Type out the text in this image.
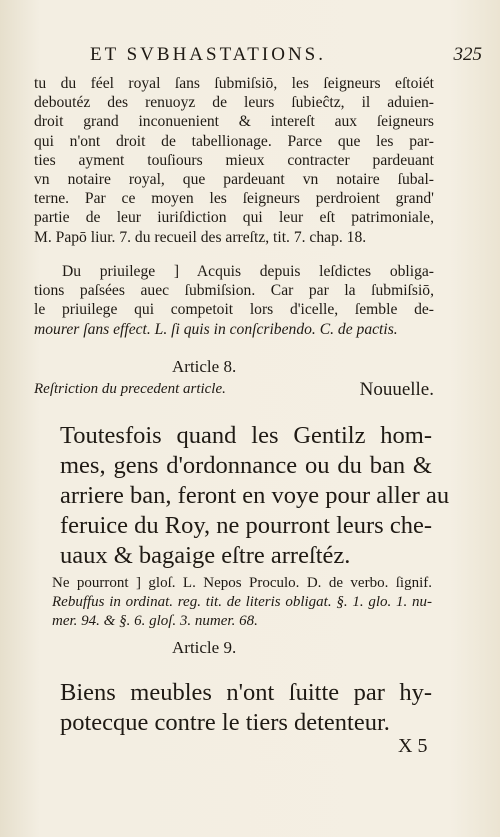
ET SVBHASTATIONS.	325
tu du féel royal ſans ſubmiſsiō, les ſeigneurs eſtoiét
deboutéz des renuoyz de leurs ſubieĉtz, il aduien-
droit grand inconuenient & intereſt aux ſeigneurs
qui n'ont droit de tabellionage. Parce que les par-
ties ayment touſiours mieux contracter pardeuant
vn notaire royal, que pardeuant vn notaire ſubal-
terne. Par ce moyen les ſeigneurs perdroient grand'
partie de leur iuriſdiction qui leur eſt patrimoniale,
M. Papō liur. 7. du recueil des arreſtz, tit. 7. chap. 18.
Du priuilege ] Acquis depuis leſdictes obliga-
tions paſsées auec ſubmiſsion. Car par la ſubmiſsiō,
le priuilege qui competoit lors d'icelle, ſemble de-
mourer ſans effect. L. ſi quis in conſcribendo. C. de pactis.
Article 8.
Reſtriction du precedent article.	Nouuelle.
Toutesfois quand les Gentilz hom-
mes, gens d'ordonnance ou du ban &
arriere ban, feront en voye pour aller au
feruice du Roy, ne pourront leurs che-
uaux & bagaige eſtre arreſtéz.
Ne pourront ] gloſ. L. Nepos Proculo. D. de verbo. ſignif.
Rebuffus in ordinat. reg. tit. de literis obligat. §. 1. glo. 1. nu-
mer. 94. & §. 6. gloſ. 3. numer. 68.
Article 9.
Biens meubles n'ont ſuitte par hy-
potecque contre le tiers detenteur.
X 5
